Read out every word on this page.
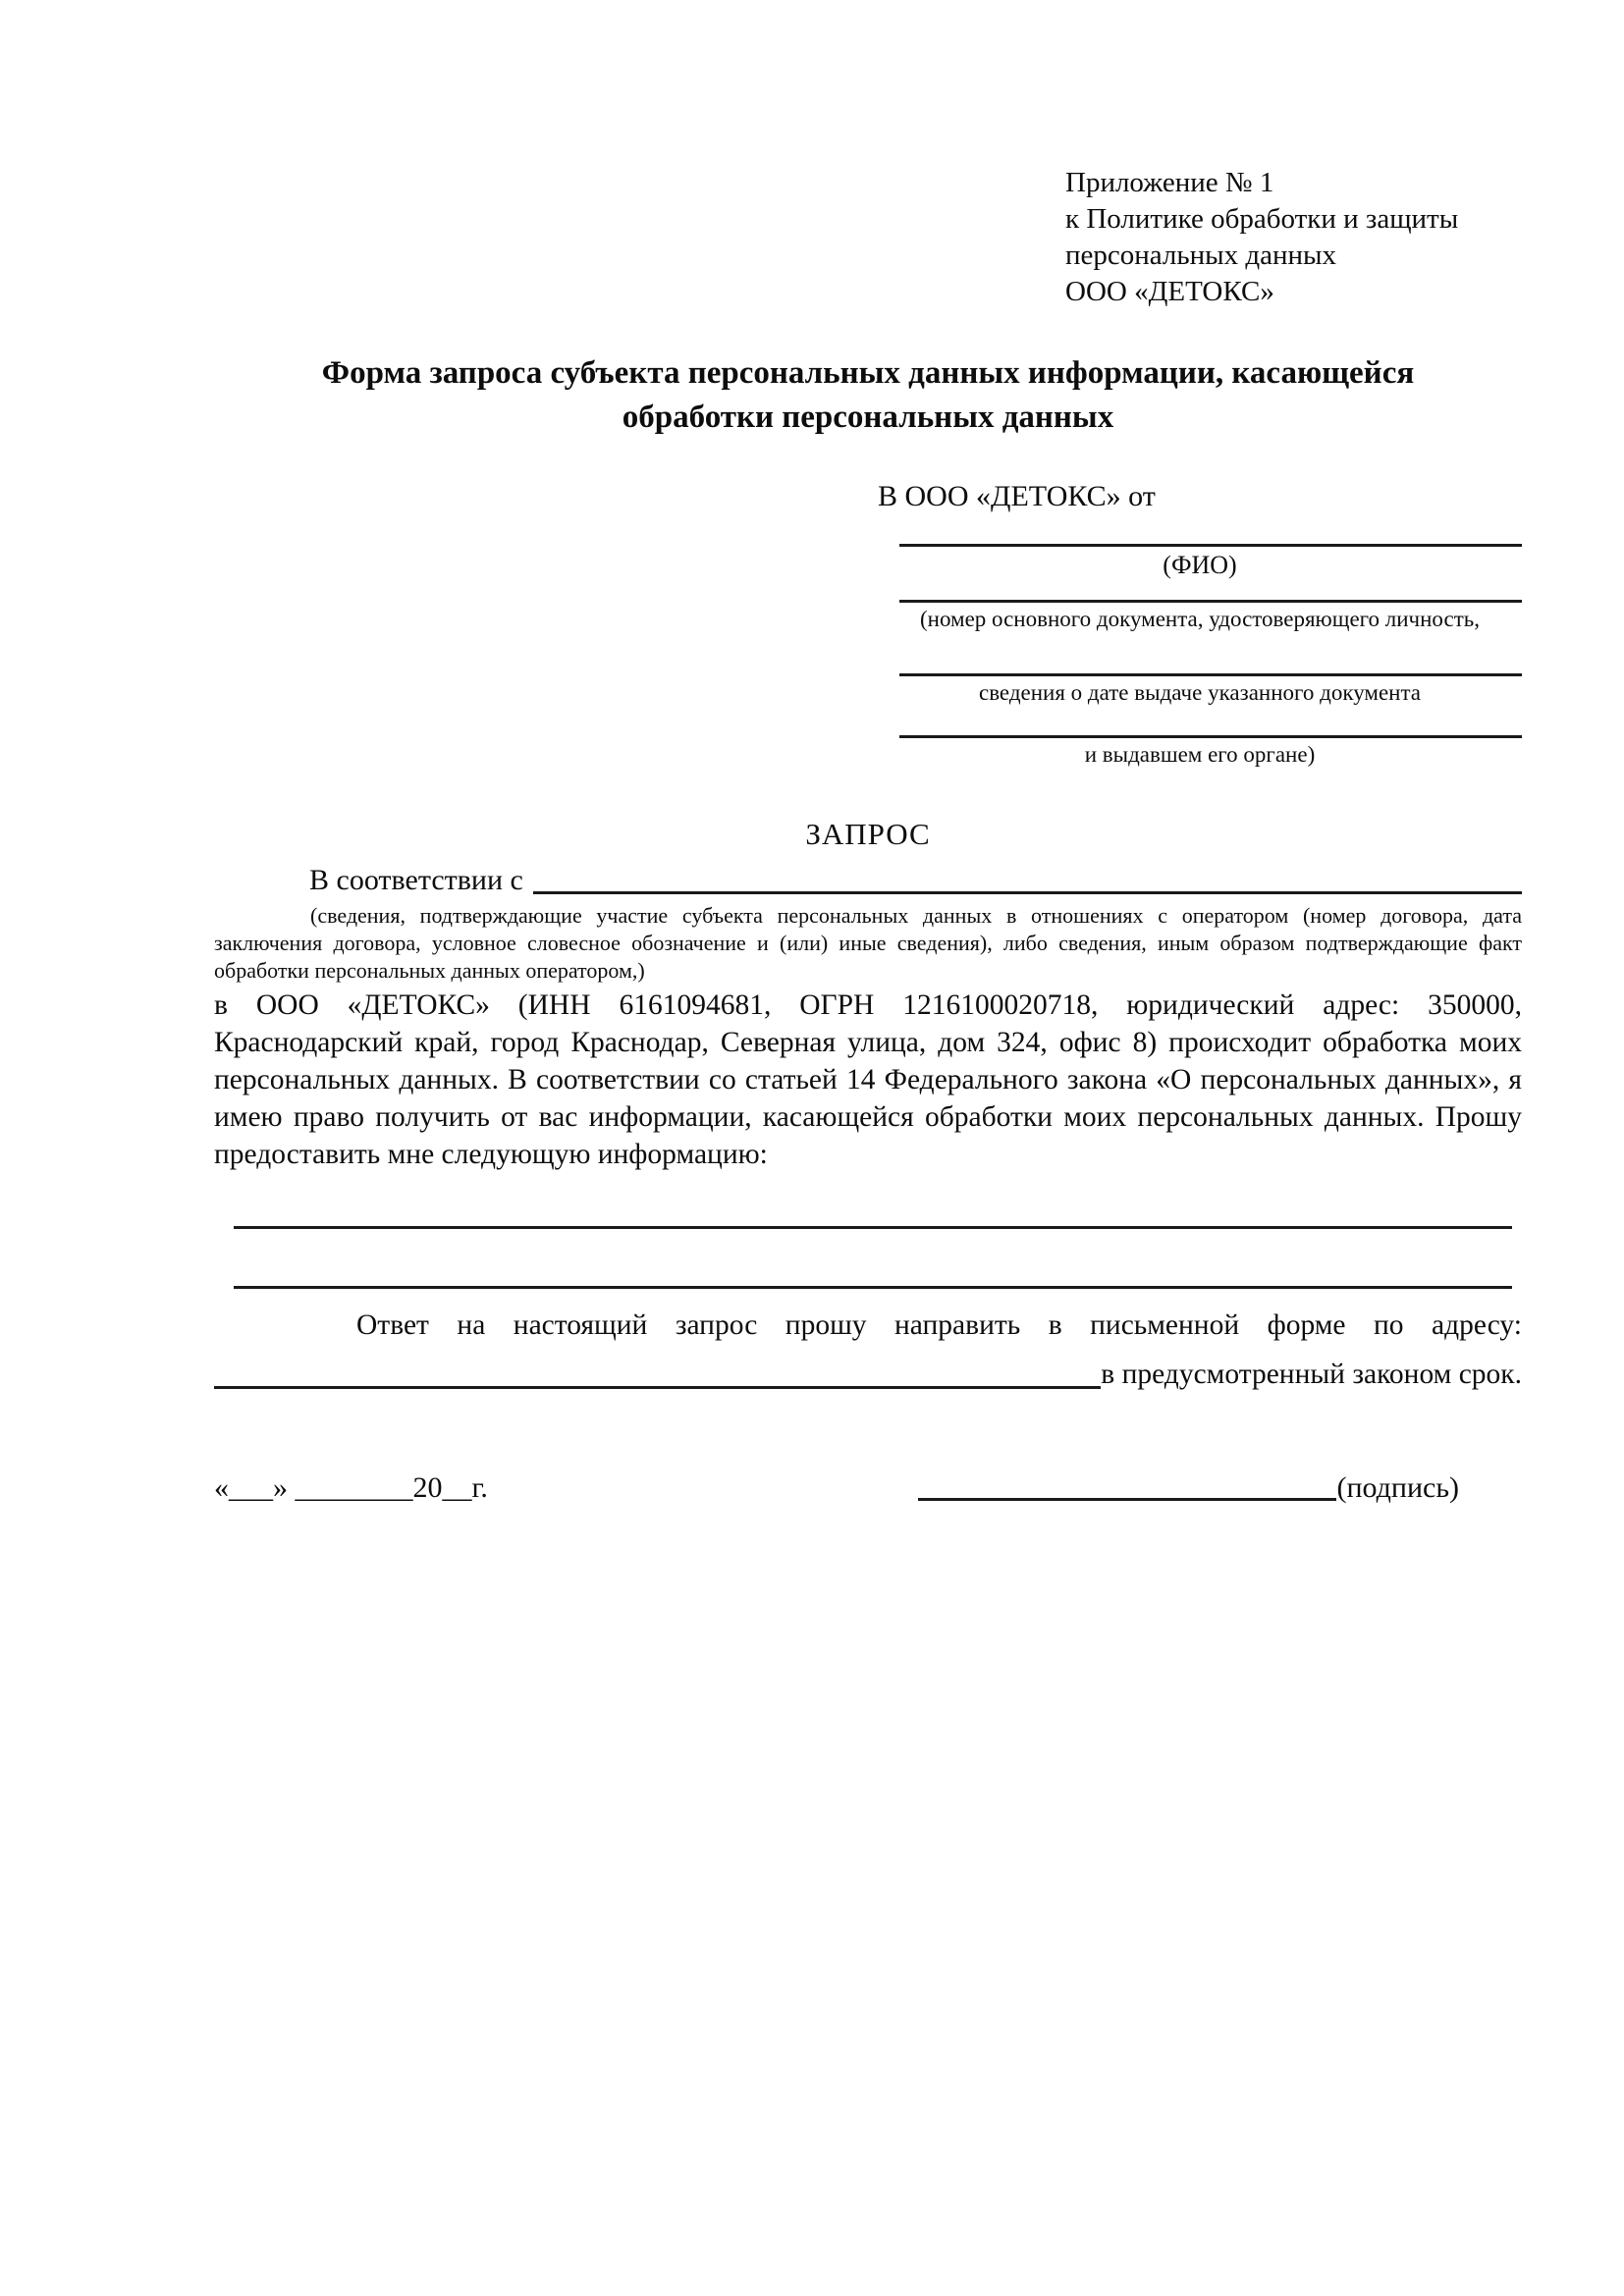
Приложение № 1
к Политике обработки и защиты
персональных данных
ООО «ДЕТОКС»
Форма запроса субъекта персональных данных информации, касающейся обработки персональных данных
В ООО «ДЕТОКС» от
(ФИО)
(номер основного документа, удостоверяющего личность,
сведения о дате выдаче указанного документа
и выдавшем его органе)
ЗАПРОС
В соответствии с
(сведения, подтверждающие участие субъекта персональных данных в отношениях с оператором (номер договора, дата заключения договора, условное словесное обозначение и (или) иные сведения), либо сведения, иным образом подтверждающие факт обработки персональных данных оператором,)
в ООО «ДЕТОКС» (ИНН 6161094681, ОГРН 1216100020718, юридический адрес: 350000, Краснодарский край, город Краснодар, Северная улица, дом 324, офис 8) происходит обработка моих персональных данных. В соответствии со статьей 14 Федерального закона «О персональных данных», я имею право получить от вас информации, касающейся обработки моих персональных данных. Прошу предоставить мне следующую информацию:
Ответ на настоящий запрос прошу направить в письменной форме по адресу:
в предусмотренный законом срок.
«___» ________20__г.	(подпись)
